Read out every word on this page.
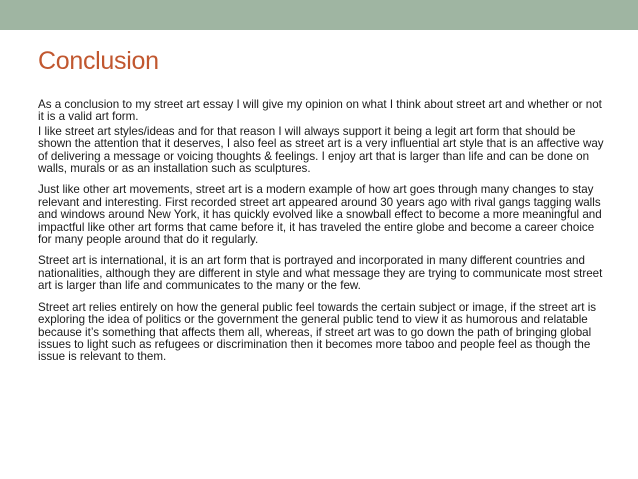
Conclusion

As a conclusion to my street art essay I will give my opinion on what I think about street art and whether or not it is a valid art form.

I like street art styles/ideas and for that reason I will always support it being a legit art form that should be shown the attention that it deserves, I also feel as street art is a very influential art style that is an affective way of delivering a message or voicing thoughts & feelings. I enjoy art that is larger than life and can be done on walls, murals or as an installation such as sculptures.

Just like other art movements, street art is a modern example of how art goes through many changes to stay relevant and interesting. First recorded street art appeared around 30 years ago with rival gangs tagging walls and windows around New York, it has quickly evolved like a snowball effect to become a more meaningful and impactful like other art forms that came before it, it has traveled the entire globe and become a career choice for many people around that do it regularly.

Street art is international, it is an art form that is portrayed and incorporated in many different countries and nationalities, although they are different in style and what message they are trying to communicate most street art is larger than life and communicates to the many or the few.

Street art relies entirely on how the general public feel towards the certain subject or image, if the street art is exploring the idea of politics or the government the general public tend to view it as humorous and relatable because it’s something that affects them all, whereas, if street art was to go down the path of bringing global issues to light such as refugees or discrimination then it becomes more taboo and people feel as though the issue is relevant to them.
